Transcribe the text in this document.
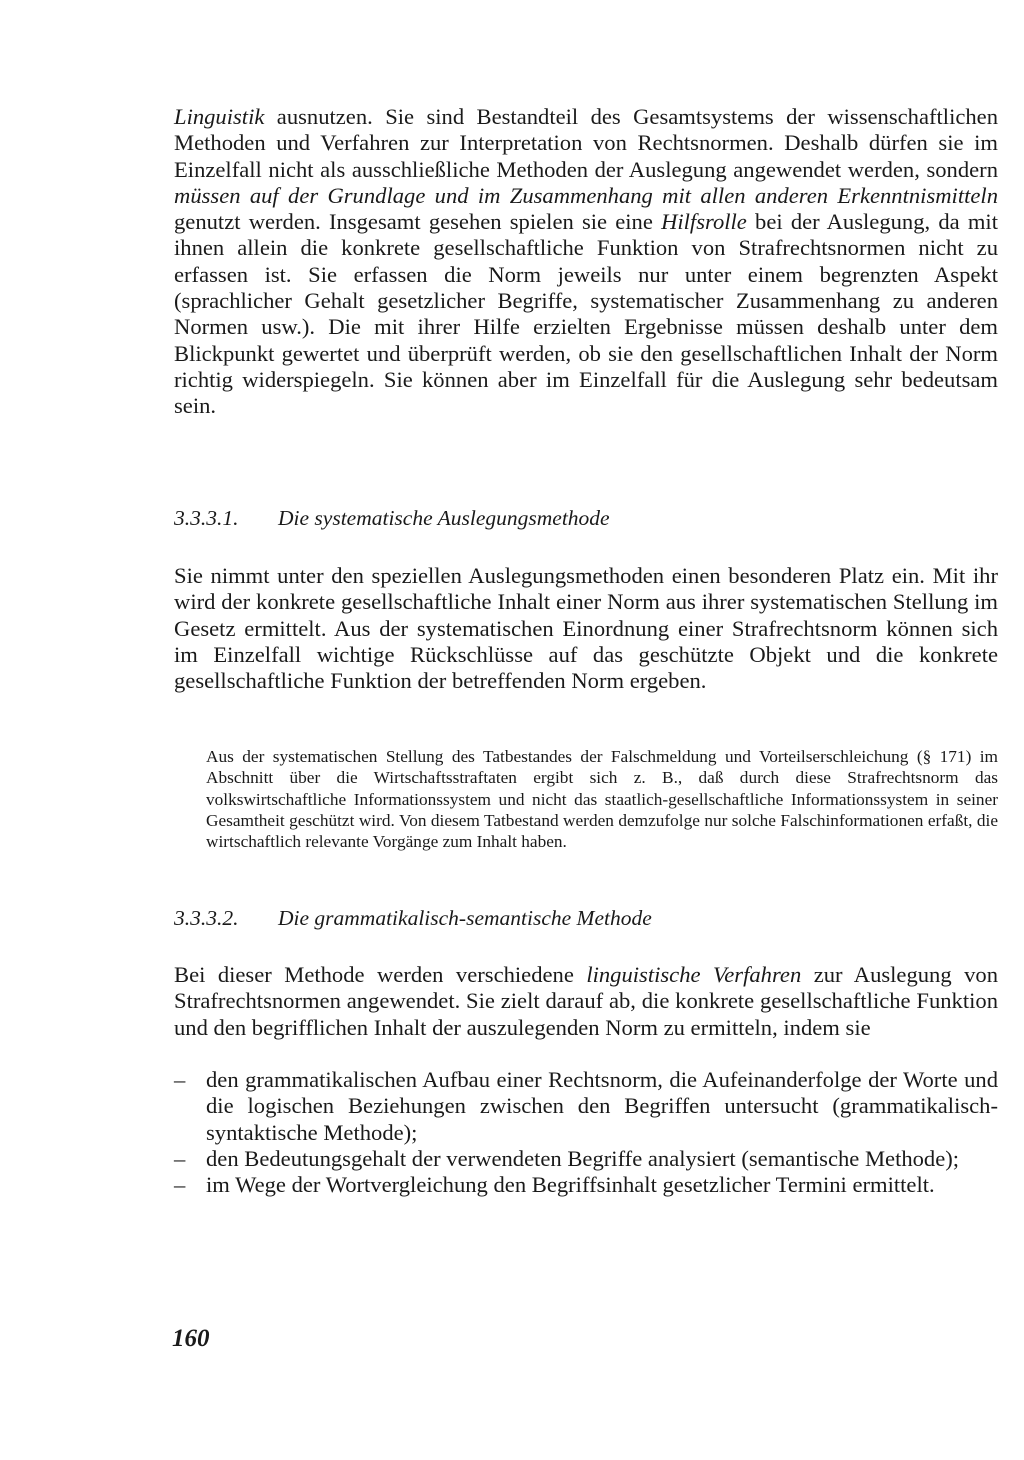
Linguistik ausnutzen. Sie sind Bestandteil des Gesamtsystems der wissenschaftlichen Methoden und Verfahren zur Interpretation von Rechtsnormen. Deshalb dürfen sie im Einzelfall nicht als ausschließliche Methoden der Auslegung angewendet werden, sondern müssen auf der Grundlage und im Zusammenhang mit allen anderen Erkenntnismitteln genutzt werden. Insgesamt gesehen spielen sie eine Hilfsrolle bei der Auslegung, da mit ihnen allein die konkrete gesellschaftliche Funktion von Strafrechtsnormen nicht zu erfassen ist. Sie erfassen die Norm jeweils nur unter einem begrenzten Aspekt (sprachlicher Gehalt gesetzlicher Begriffe, systematischer Zusammenhang zu anderen Normen usw.). Die mit ihrer Hilfe erzielten Ergebnisse müssen deshalb unter dem Blickpunkt gewertet und überprüft werden, ob sie den gesellschaftlichen Inhalt der Norm richtig widerspiegeln. Sie können aber im Einzelfall für die Auslegung sehr bedeutsam sein.

3.3.3.1. Die systematische Auslegungsmethode

Sie nimmt unter den speziellen Auslegungsmethoden einen besonderen Platz ein. Mit ihr wird der konkrete gesellschaftliche Inhalt einer Norm aus ihrer systematischen Stellung im Gesetz ermittelt. Aus der systematischen Einordnung einer Strafrechtsnorm können sich im Einzelfall wichtige Rückschlüsse auf das geschützte Objekt und die konkrete gesellschaftliche Funktion der betreffenden Norm ergeben.

Aus der systematischen Stellung des Tatbestandes der Falschmeldung und Vorteilserschleichung (§ 171) im Abschnitt über die Wirtschaftsstraftaten ergibt sich z. B., daß durch diese Strafrechtsnorm das volkswirtschaftliche Informationssystem und nicht das staatlich-gesellschaftliche Informationssystem in seiner Gesamtheit geschützt wird. Von diesem Tatbestand werden demzufolge nur solche Falschinformationen erfaßt, die wirtschaftlich relevante Vorgänge zum Inhalt haben.

3.3.3.2. Die grammatikalisch-semantische Methode

Bei dieser Methode werden verschiedene linguistische Verfahren zur Auslegung von Strafrechtsnormen angewendet. Sie zielt darauf ab, die konkrete gesellschaftliche Funktion und den begrifflichen Inhalt der auszulegenden Norm zu ermitteln, indem sie

– den grammatikalischen Aufbau einer Rechtsnorm, die Aufeinanderfolge der Worte und die logischen Beziehungen zwischen den Begriffen untersucht (grammatikalisch-syntaktische Methode);
– den Bedeutungsgehalt der verwendeten Begriffe analysiert (semantische Methode);
– im Wege der Wortvergleichung den Begriffsinhalt gesetzlicher Termini ermittelt.

160
